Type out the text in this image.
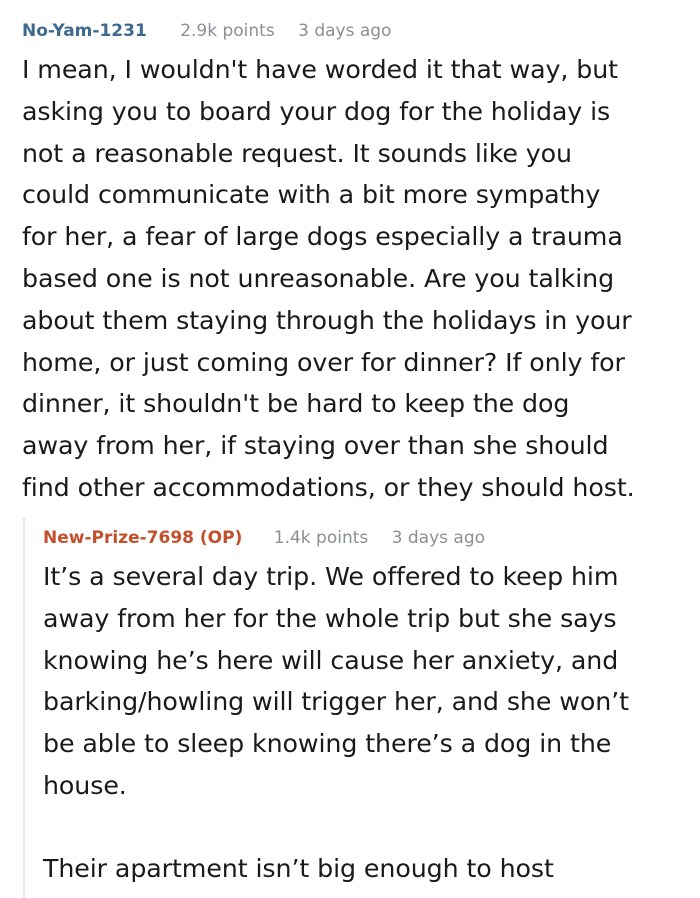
No-Yam-1231 2.9k points 3 days ago

I mean, I wouldn't have worded it that way, but

asking you to board your dog for the holiday is

not a reasonable request. It sounds like you

could communicate with a bit more sympathy

for her, a fear of large dogs especially a trauma

based one is not unreasonable. Are you talking

about them staying through the holidays in your

home, or just coming over for dinner? If only for

dinner, it shouldn't be hard to keep the dog

away from her, if staying over than she should

find other accommodations, or they should host.

New-Prize-7698 (OP) 1.4k points 3 days ago

It’s a several day trip. We offered to keep him

away from her for the whole trip but she says

knowing he’s here will cause her anxiety, and

barking/howling will trigger her, and she won’t

be able to sleep knowing there’s a dog in the

house.

Their apartment isn’t big enough to host
